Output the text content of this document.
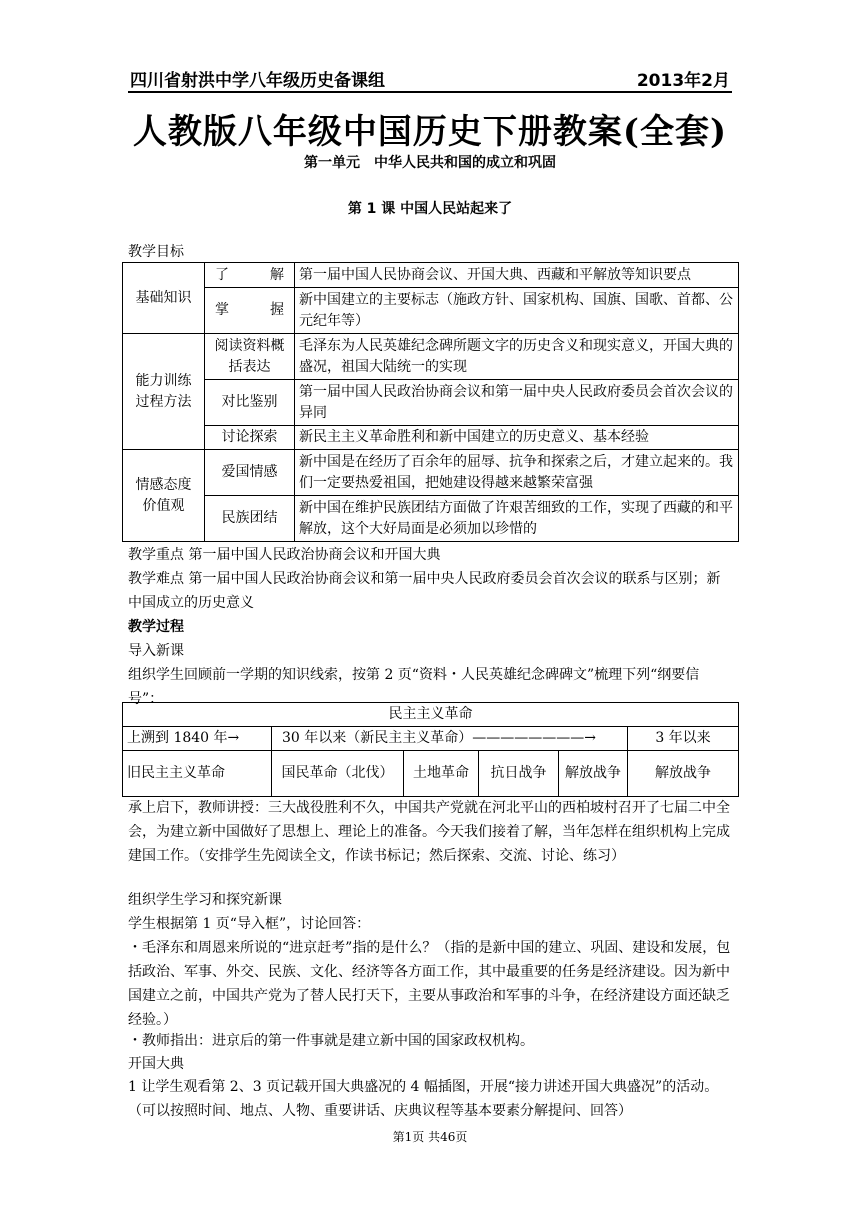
四川省射洪中学八年级历史备课组	2013年2月
人教版八年级中国历史下册教案(全套)
第一单元　中华人民共和国的成立和巩固
第 1 课 中国人民站起来了
教学目标
基础知识	了　　解	第一届中国人民协商会议、开国大典、西藏和平解放等知识要点
	掌　　握	新中国建立的主要标志（施政方针、国家机构、国旗、国歌、首都、公元纪年等）
能力训练过程方法	阅读资料概括表达	毛泽东为人民英雄纪念碑所题文字的历史含义和现实意义，开国大典的盛况，祖国大陆统一的实现
	对比鉴别	第一届中国人民政治协商会议和第一届中央人民政府委员会首次会议的异同
	讨论探索	新民主主义革命胜利和新中国建立的历史意义、基本经验
情感态度价值观	爱国情感	新中国是在经历了百余年的屈辱、抗争和探索之后，才建立起来的。我们一定要热爱祖国，把她建设得越来越繁荣富强
	民族团结	新中国在维护民族团结方面做了许艰苦细致的工作，实现了西藏的和平解放，这个大好局面是必须加以珍惜的
教学重点 第一届中国人民政治协商会议和开国大典
教学难点 第一届中国人民政治协商会议和第一届中央人民政府委员会首次会议的联系与区别；新中国成立的历史意义
教学过程
导入新课
组织学生回顾前一学期的知识线索，按第 2 页“资料・人民英雄纪念碑碑文”梳理下列“纲要信号”：
民主主义革命					
上溯到 1840 年→	30 年以来（新民主主义革命）————————→				3 年以来
旧民主主义革命	国民革命（北伐）	土地革命	抗日战争	解放战争	解放战争
承上启下，教师讲授：三大战役胜利不久，中国共产党就在河北平山的西柏坡村召开了七届二中全会，为建立新中国做好了思想上、理论上的准备。今天我们接着了解，当年怎样在组织机构上完成建国工作。（安排学生先阅读全文，作读书标记；然后探索、交流、讨论、练习）
组织学生学习和探究新课
学生根据第 1 页“导入框”，讨论回答：
・毛泽东和周恩来所说的“进京赶考”指的是什么？（指的是新中国的建立、巩固、建设和发展，包括政治、军事、外交、民族、文化、经济等各方面工作，其中最重要的任务是经济建设。因为新中国建立之前，中国共产党为了替人民打天下，主要从事政治和军事的斗争，在经济建设方面还缺乏经验。）
・教师指出：进京后的第一件事就是建立新中国的国家政权机构。
开国大典
1 让学生观看第 2、3 页记载开国大典盛况的 4 幅插图，开展“接力讲述开国大典盛况”的活动。（可以按照时间、地点、人物、重要讲话、庆典议程等基本要素分解提问、回答）
第1页 共46页
